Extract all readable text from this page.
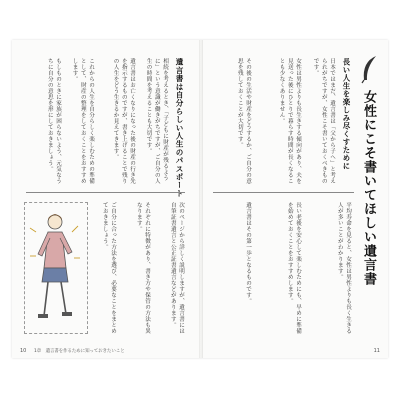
遺言書は自分らしい人生のパスポート
相続を考えるとき、「子どもに財産が残るように」という意識が働きがちですが、ご自分の人生の時間を考えることも大切です。
遺言書はお亡くなりになった後の財産の行き先を指示するものですが、書き上げることで残りの人生をどう生きるか見えてきます。
これからの人生を自分らしく楽しむための準備として、財産の整理をしておくことをおすすめします。
もしものときに家族が困らないよう、元気なうちに自分の意思を形にしておきましょう。
次のページから詳しく説明しますが、遺言書には自筆証書遺言と公正証書遺言などがあります。
それぞれに特徴があり、書き方や保管の方法も異なります。
ご自分に合った方法を選び、必要なことをまとめておきましょう。
10 1章　遺言書を作るために知っておきたいこと
女性にこそ書いてほしい遺言書
長い人生を楽しみ尽くすために
日本ではまだ、遺言書は「父から子へ」と考えられがちですが、女性こそ書いておくべきものです。
女性は男性よりも長生きする傾向があり、夫を見送った後にひとりで暮らす時間が長くなることも少なくありません。
その後の生活や財産をどうするか、ご自分の意思を残しておくことが大切です。
平均寿命を見ると、女性は男性よりも長く生きる人が多いことがわかります。
長い老後を安心して楽しむためにも、早めに準備を始めておくことをおすすめします。
遺言書はその第一歩となるものです。
11
